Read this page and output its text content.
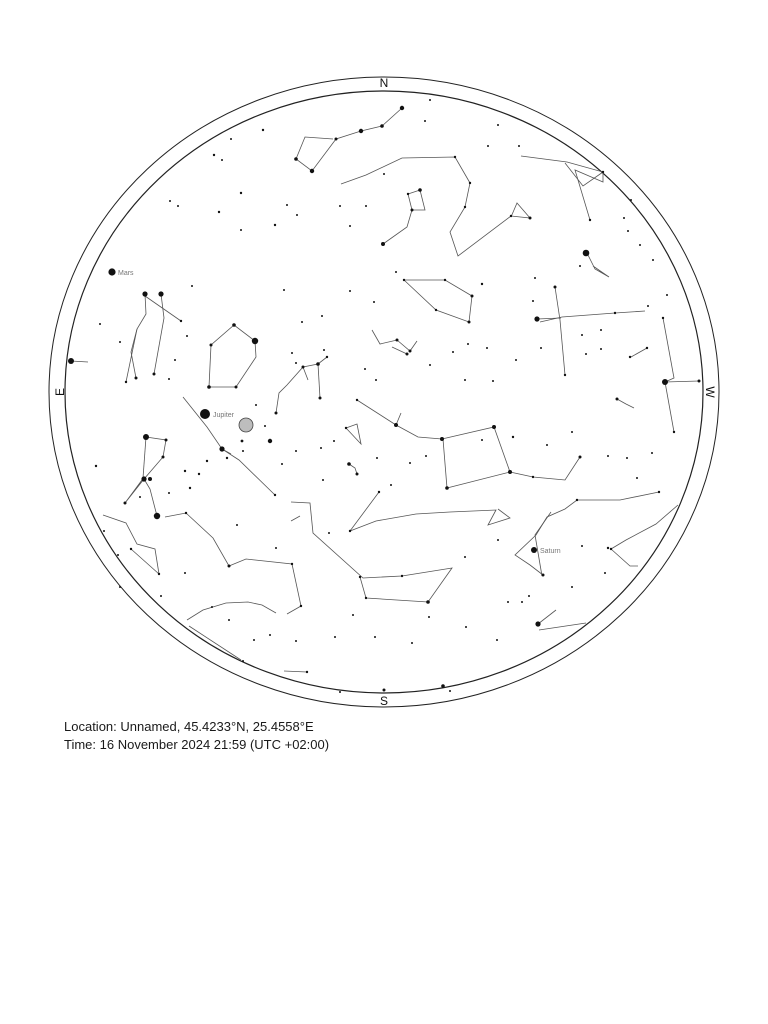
N
S
E	W
Mars
Jupiter
Saturn
Location: Unnamed, 45.4233°N, 25.4558°E
Time: 16 November 2024 21:59 (UTC +02:00)
